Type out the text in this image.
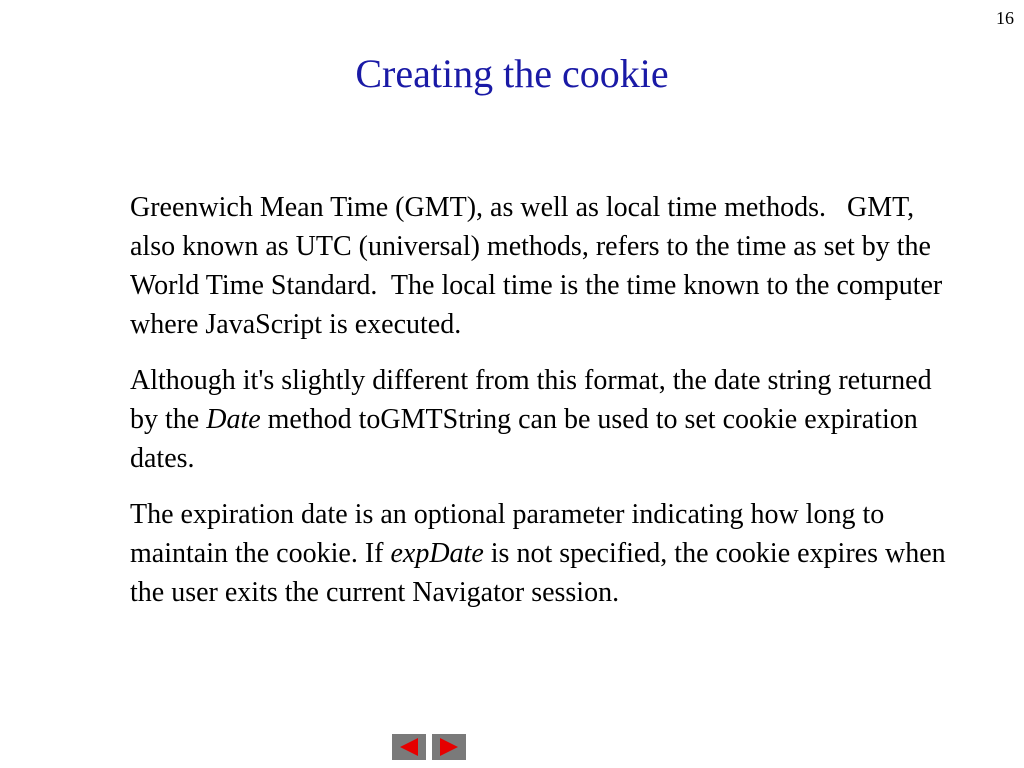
16
Creating the cookie

Greenwich Mean Time (GMT), as well as local time methods.   GMT, also known as UTC (universal) methods, refers to the time as set by the World Time Standard.  The local time is the time known to the computer where JavaScript is executed.

Although it's slightly different from this format, the date string returned by the Date method toGMTString can be used to set cookie expiration dates.

The expiration date is an optional parameter indicating how long to maintain the cookie. If expDate is not specified, the cookie expires when the user exits the current Navigator session.
